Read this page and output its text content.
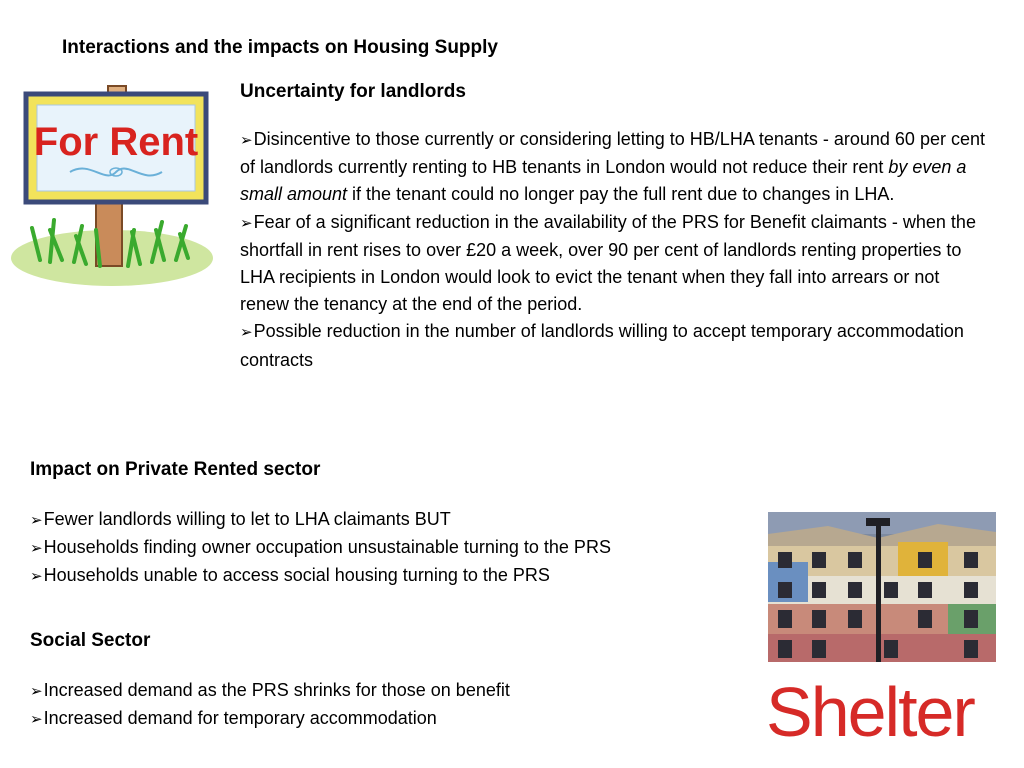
Interactions and the impacts on Housing Supply
For Rent
Uncertainty for landlords

➢Disincentive to those currently or considering letting to HB/LHA tenants - around 60 per cent of landlords currently renting to HB tenants in London would not reduce their rent by even a small amount if the tenant could no longer pay the full rent due to changes in LHA.

➢Fear of a significant reduction in the availability of the PRS for Benefit claimants - when the shortfall in rent rises to over £20 a week, over 90 per cent of landlords renting properties to LHA recipients in London would look to evict the tenant when they fall into arrears or not renew the tenancy at the end of the period.

➢Possible reduction in the number of landlords willing to accept temporary accommodation contracts

Impact on Private Rented sector

➢Fewer landlords willing to let to LHA claimants BUT

➢Households finding owner occupation unsustainable turning to the PRS

➢Households unable to access social housing turning to the PRS

Social Sector

➢Increased demand as the PRS shrinks for those on benefit

➢Increased demand for temporary accommodation	Shelter
